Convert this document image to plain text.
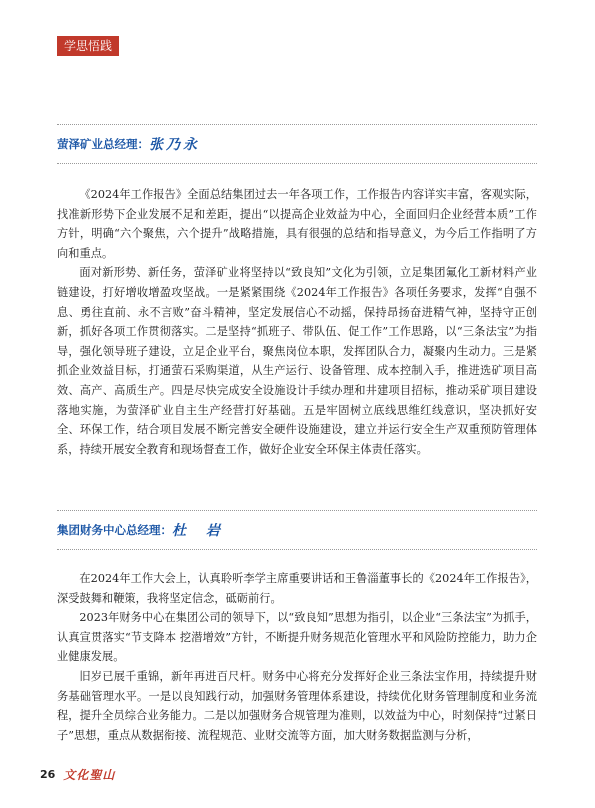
学思悟践
萤泽矿业总经理： 张乃永

《2024年工作报告》全面总结集团过去一年各项工作，工作报告内容详实丰富，客观实际，找准新形势下企业发展不足和差距，提出“以提高企业效益为中心，全面回归企业经营本质”工作方针，明确“六个聚焦，六个提升”战略措施，具有很强的总结和指导意义，为今后工作指明了方向和重点。

面对新形势、新任务，萤泽矿业将坚持以“致良知”文化为引领，立足集团氟化工新材料产业链建设，打好增收增盈攻坚战。一是紧紧围绕《2024年工作报告》各项任务要求，发挥“自强不息、勇往直前、永不言败”奋斗精神，坚定发展信心不动摇，保持昂扬奋进精气神，坚持守正创新，抓好各项工作贯彻落实。二是坚持“抓班子、带队伍、促工作”工作思路，以“三条法宝”为指导，强化领导班子建设，立足企业平台，聚焦岗位本职，发挥团队合力，凝聚内生动力。三是紧抓企业效益目标，打通萤石采购渠道，从生产运行、设备管理、成本控制入手，推进选矿项目高效、高产、高质生产。四是尽快完成安全设施设计手续办理和井建项目招标，推动采矿项目建设落地实施，为萤泽矿业自主生产经营打好基础。五是牢固树立底线思维红线意识，坚决抓好安全、环保工作，结合项目发展不断完善安全硬件设施建设，建立并运行安全生产双重预防管理体系，持续开展安全教育和现场督查工作，做好企业安全环保主体责任落实。

集团财务中心总经理： 杜　岩

在2024年工作大会上，认真聆听李学主席重要讲话和王鲁淄董事长的《2024年工作报告》，深受鼓舞和鞭策，我将坚定信念，砥砺前行。

2023年财务中心在集团公司的领导下，以“致良知”思想为指引，以企业“三条法宝”为抓手，认真宣贯落实“节支降本 挖潜增效”方针，不断提升财务规范化管理水平和风险防控能力，助力企业健康发展。

旧岁已展千重锦，新年再进百尺杆。财务中心将充分发挥好企业三条法宝作用，持续提升财务基础管理水平。一是以良知践行动，加强财务管理体系建设，持续优化财务管理制度和业务流程，提升全员综合业务能力。二是以加强财务合规管理为准则，以效益为中心，时刻保持“过紧日子”思想，重点从数据衔接、流程规范、业财交流等方面，加大财务数据监测与分析，

26 文化聖山
